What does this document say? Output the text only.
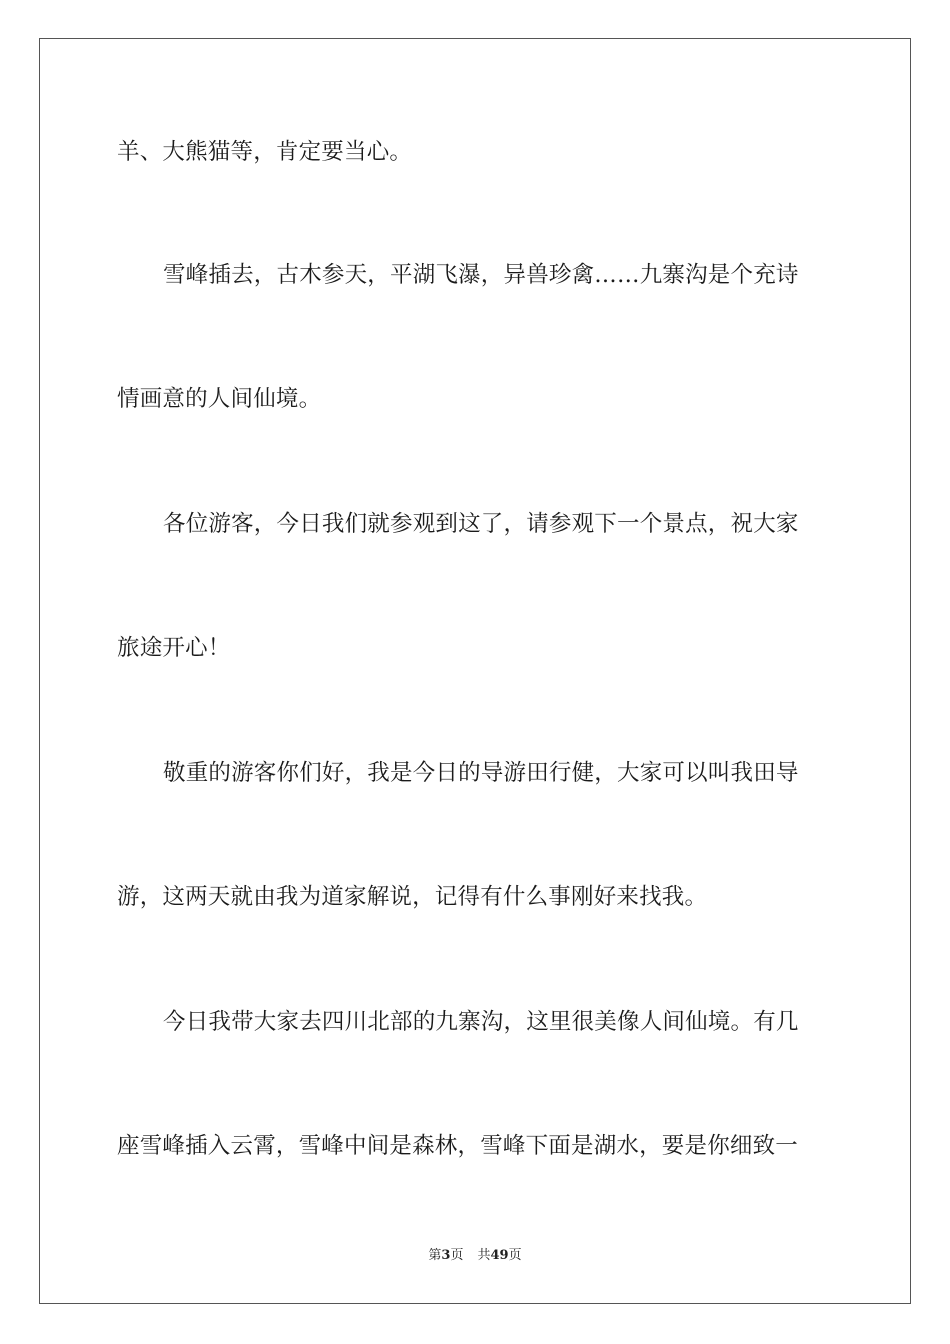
羊、大熊猫等，肯定要当心。
雪峰插去，古木参天，平湖飞瀑，异兽珍禽……九寨沟是个充诗
情画意的人间仙境。
各位游客，今日我们就参观到这了，请参观下一个景点，祝大家
旅途开心！
敬重的游客你们好，我是今日的导游田行健，大家可以叫我田导
游，这两天就由我为道家解说，记得有什么事刚好来找我。
今日我带大家去四川北部的九寨沟，这里很美像人间仙境。有几
座雪峰插入云霄，雪峰中间是森林，雪峰下面是湖水，要是你细致一
第3页 共49页
